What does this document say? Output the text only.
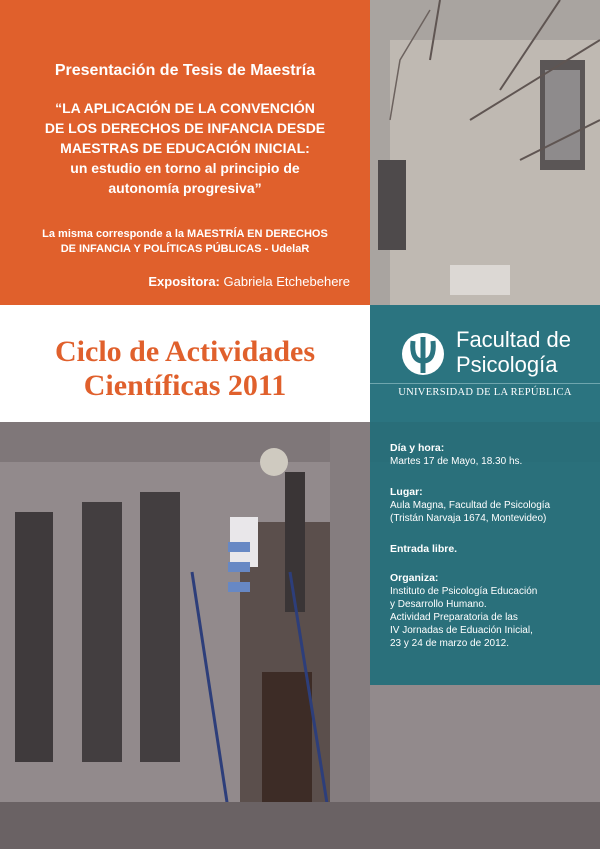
Presentación de Tesis de Maestría
“LA APLICACIÓN DE LA CONVENCIÓN
DE LOS DERECHOS DE INFANCIA DESDE
MAESTRAS DE EDUCACIÓN INICIAL:
un estudio en torno al principio de
autonomía progresiva”
La misma corresponde a la MAESTRÍA EN DERECHOS
DE INFANCIA Y POLÍTICAS PÚBLICAS - UdelaR
Expositora: Gabriela Etchebehere
Ciclo de Actividades
Científicas 2011
Facultad de
Psicología
UNIVERSIDAD DE LA REPÚBLICA
Día y hora:
Martes 17 de Mayo, 18.30 hs.
Lugar:
Aula Magna, Facultad de Psicología
(Tristán Narvaja 1674, Montevideo)
Entrada libre.
Organiza:
Instituto de Psicología Educación
y Desarrollo Humano.
Actividad Preparatoria de las
IV Jornadas de Eduación Inicial,
23 y 24 de marzo de 2012.
